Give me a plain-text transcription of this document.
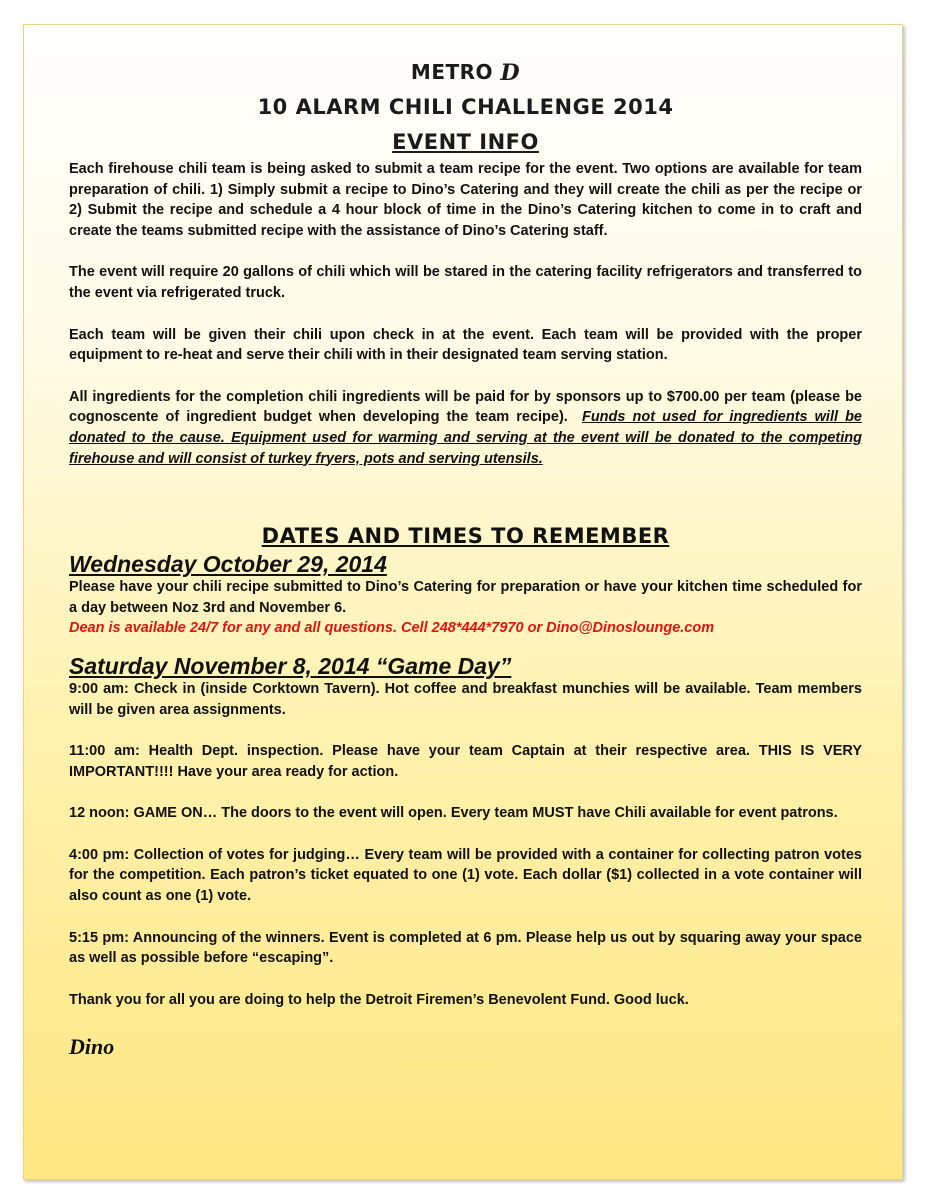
METRO D
10 ALARM CHILI CHALLENGE 2014
EVENT INFO

Each firehouse chili team is being asked to submit a team recipe for the event. Two options are available for team preparation of chili. 1) Simply submit a recipe to Dino’s Catering and they will create the chili as per the recipe or 2) Submit the recipe and schedule a 4 hour block of time in the Dino’s Catering kitchen to come in to craft and create the teams submitted recipe with the assistance of Dino’s Catering staff.

The event will require 20 gallons of chili which will be stared in the catering facility refrigerators and transferred to the event via refrigerated truck.

Each team will be given their chili upon check in at the event. Each team will be provided with the proper equipment to re-heat and serve their chili with in their designated team serving station.

All ingredients for the completion chili ingredients will be paid for by sponsors up to $700.00 per team (please be cognoscente of ingredient budget when developing the team recipe). Funds not used for ingredients will be donated to the cause. Equipment used for warming and serving at the event will be donated to the competing firehouse and will consist of turkey fryers, pots and serving utensils.

DATES AND TIMES TO REMEMBER
Wednesday October 29, 2014

Please have your chili recipe submitted to Dino’s Catering for preparation or have your kitchen time scheduled for a day between Noz 3rd and November 6.

Dean is available 24/7 for any and all questions. Cell 248*444*7970 or Dino@Dinoslounge.com

Saturday November 8, 2014 “Game Day”

9:00 am: Check in (inside Corktown Tavern). Hot coffee and breakfast munchies will be available. Team members will be given area assignments.

11:00 am: Health Dept. inspection. Please have your team Captain at their respective area. THIS IS VERY IMPORTANT!!!! Have your area ready for action.

12 noon: GAME ON… The doors to the event will open. Every team MUST have Chili available for event patrons.

4:00 pm: Collection of votes for judging… Every team will be provided with a container for collecting patron votes for the competition. Each patron’s ticket equated to one (1) vote. Each dollar ($1) collected in a vote container will also count as one (1) vote.

5:15 pm: Announcing of the winners. Event is completed at 6 pm. Please help us out by squaring away your space as well as possible before “escaping”.

Thank you for all you are doing to help the Detroit Firemen’s Benevolent Fund. Good luck.

Dino
